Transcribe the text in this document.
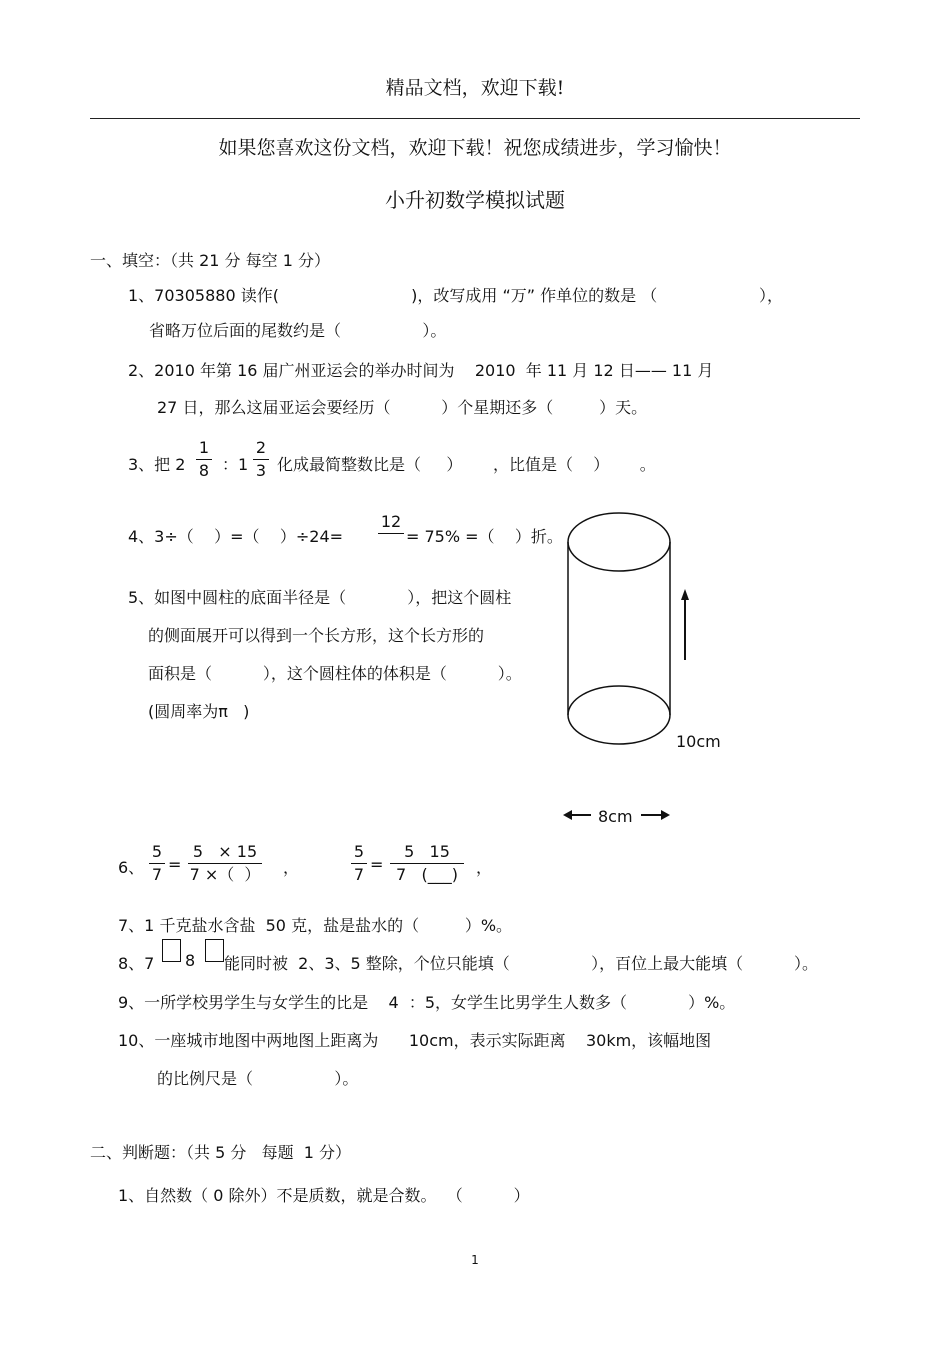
精品文档，欢迎下载!
如果您喜欢这份文档，欢迎下载！祝您成绩进步，学习愉快！
小升初数学模拟试题
一、填空：（共 21 分 每空 1 分）
1、70305880 读作(                          )，改写成用 “万” 作单位的数是 （                    ），
省略万位后面的尾数约是（                ）。
2、2010 年第 16 届广州亚运会的举办时间为    2010  年 11 月 12 日—— 11 月
27 日，那么这届亚运会要经历（          ）个星期还多（         ）天。
3、把 2
1
8 ：1
2
3 化成最简整数比是（     ）      ，比值是（    ）      。
4、3÷（    ）=（    ）÷24=
12
= 75% =（    ）折。
5、如图中圆柱的底面半径是（            ），把这个圆柱
的侧面展开可以得到一个长方形，这个长方形的
面积是（          ），这个圆柱体的体积是（          ）。
(圆周率为π   )
10cm
8cm
6、
5
7
=
5   × 15
7 ×（  ） ，
5
7
=
5   15
7   (___)	，
7、1 千克盐水含盐  50 克，盐是盐水的（         ）%。
8、7 8 能同时被  2、3、5 整除，个位只能填（                ），百位上最大能填（          ）。
9、一所学校男学生与女学生的比是    4  ：5，女学生比男学生人数多（            ）%。
10、一座城市地图中两地图上距离为      10cm，表示实际距离    30km，该幅地图
的比例尺是（                ）。
二、判断题：（共 5 分   每题  1 分）
1、自然数（ 0 除外）不是质数，就是合数。  （          ）
1
